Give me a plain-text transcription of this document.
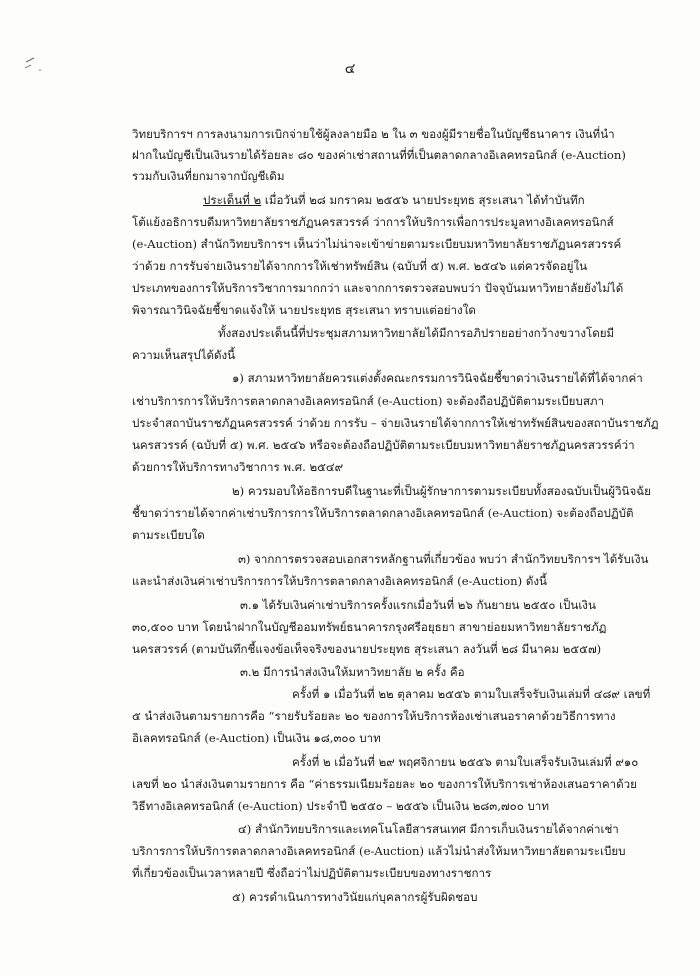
๔
วิทยบริการฯ การลงนามการเบิกจ่ายใช้ผู้ลงลายมือ ๒ ใน ๓ ของผู้มีรายชื่อในบัญชีธนาคาร เงินที่นำ
ฝากในบัญชีเป็นเงินรายได้ร้อยละ ๘๐ ของค่าเช่าสถานที่ที่เป็นตลาดกลางอิเลคทรอนิกส์ (e-Auction)
รวมกับเงินที่ยกมาจากบัญชีเดิม
ประเด็นที่ ๒ เมื่อวันที่ ๒๘ มกราคม ๒๕๕๖ นายประยุทธ สุระเสนา ได้ทำบันทึก
โต้แย้งอธิการบดีมหาวิทยาลัยราชภัฏนครสวรรค์ ว่าการให้บริการเพื่อการประมูลทางอิเลคทรอนิกส์
(e-Auction) สำนักวิทยบริการฯ เห็นว่าไม่น่าจะเข้าข่ายตามระเบียบมหาวิทยาลัยราชภัฏนครสวรรค์
ว่าด้วย การรับจ่ายเงินรายได้จากการให้เช่าทรัพย์สิน (ฉบับที่ ๕) พ.ศ. ๒๕๔๖ แต่ควรจัดอยู่ใน
ประเภทของการให้บริการวิชาการมากกว่า และจากการตรวจสอบพบว่า ปัจจุบันมหาวิทยาลัยยังไม่ได้
พิจารณาวินิจฉัยชี้ขาดแจ้งให้ นายประยุทธ สุระเสนา ทราบแต่อย่างใด
ทั้งสองประเด็นนี้ที่ประชุมสภามหาวิทยาลัยได้มีการอภิปรายอย่างกว้างขวางโดยมี
ความเห็นสรุปได้ดังนี้
๑) สภามหาวิทยาลัยควรแต่งตั้งคณะกรรมการวินิจฉัยชี้ขาดว่าเงินรายได้ที่ได้จากค่า
เช่าบริการการให้บริการตลาดกลางอิเลคทรอนิกส์ (e-Auction) จะต้องถือปฏิบัติตามระเบียบสภา
ประจำสถาบันราชภัฏนครสวรรค์ ว่าด้วย การรับ – จ่ายเงินรายได้จากการให้เช่าทรัพย์สินของสถาบันราชภัฏ
นครสวรรค์ (ฉบับที่ ๕) พ.ศ. ๒๕๔๖ หรือจะต้องถือปฏิบัติตามระเบียบมหาวิทยาลัยราชภัฏนครสวรรค์ว่า
ด้วยการให้บริการทางวิชาการ พ.ศ. ๒๕๔๙
๒) ควรมอบให้อธิการบดีในฐานะที่เป็นผู้รักษาการตามระเบียบทั้งสองฉบับเป็นผู้วินิจฉัย
ชี้ขาดว่ารายได้จากค่าเช่าบริการการให้บริการตลาดกลางอิเลคทรอนิกส์ (e-Auction) จะต้องถือปฏิบัติ
ตามระเบียบใด
๓) จากการตรวจสอบเอกสารหลักฐานที่เกี่ยวข้อง พบว่า สำนักวิทยบริการฯ ได้รับเงิน
และนำส่งเงินค่าเช่าบริการการให้บริการตลาดกลางอิเลคทรอนิกส์ (e-Auction) ดังนี้
๓.๑ ได้รับเงินค่าเช่าบริการครั้งแรกเมื่อวันที่ ๒๖ กันยายน ๒๕๕๐ เป็นเงิน
๓๐,๕๐๐ บาท โดยนำฝากในบัญชีออมทรัพย์ธนาคารกรุงศรีอยุธยา สาขาย่อยมหาวิทยาลัยราชภัฏ
นครสวรรค์ (ตามบันทึกชี้แจงข้อเท็จจริงของนายประยุทธ สุระเสนา ลงวันที่ ๒๘ มีนาคม ๒๕๕๗)
๓.๒ มีการนำส่งเงินให้มหาวิทยาลัย ๒ ครั้ง คือ
ครั้งที่ ๑ เมื่อวันที่ ๒๒ ตุลาคม ๒๕๕๖ ตามใบเสร็จรับเงินเล่มที่ ๔๘๙ เลขที่
๕ นำส่งเงินตามรายการคือ “รายรับร้อยละ ๒๐ ของการให้บริการห้องเช่าเสนอราคาด้วยวิธีการทาง
อิเลคทรอนิกส์ (e-Auction) เป็นเงิน ๑๘,๓๐๐ บาท
ครั้งที่ ๒ เมื่อวันที่ ๒๙ พฤศจิกายน ๒๕๕๖ ตามใบเสร็จรับเงินเล่มที่ ๙๑๐
เลขที่ ๒๐ นำส่งเงินตามรายการ คือ “ค่าธรรมเนียมร้อยละ ๒๐ ของการให้บริการเช่าห้องเสนอราคาด้วย
วิธีทางอิเลคทรอนิกส์ (e-Auction) ประจำปี ๒๕๕๐ – ๒๕๕๖ เป็นเงิน ๒๘๓,๗๐๐ บาท
๔) สำนักวิทยบริการและเทคโนโลยีสารสนเทศ มีการเก็บเงินรายได้จากค่าเช่า
บริการการให้บริการตลาดกลางอิเลคทรอนิกส์ (e-Auction) แล้วไม่นำส่งให้มหาวิทยาลัยตามระเบียบ
ที่เกี่ยวข้องเป็นเวลาหลายปี ซึ่งถือว่าไม่ปฏิบัติตามระเบียบของทางราชการ
๕) ควรดำเนินการทางวินัยแก่บุคลากรผู้รับผิดชอบ
